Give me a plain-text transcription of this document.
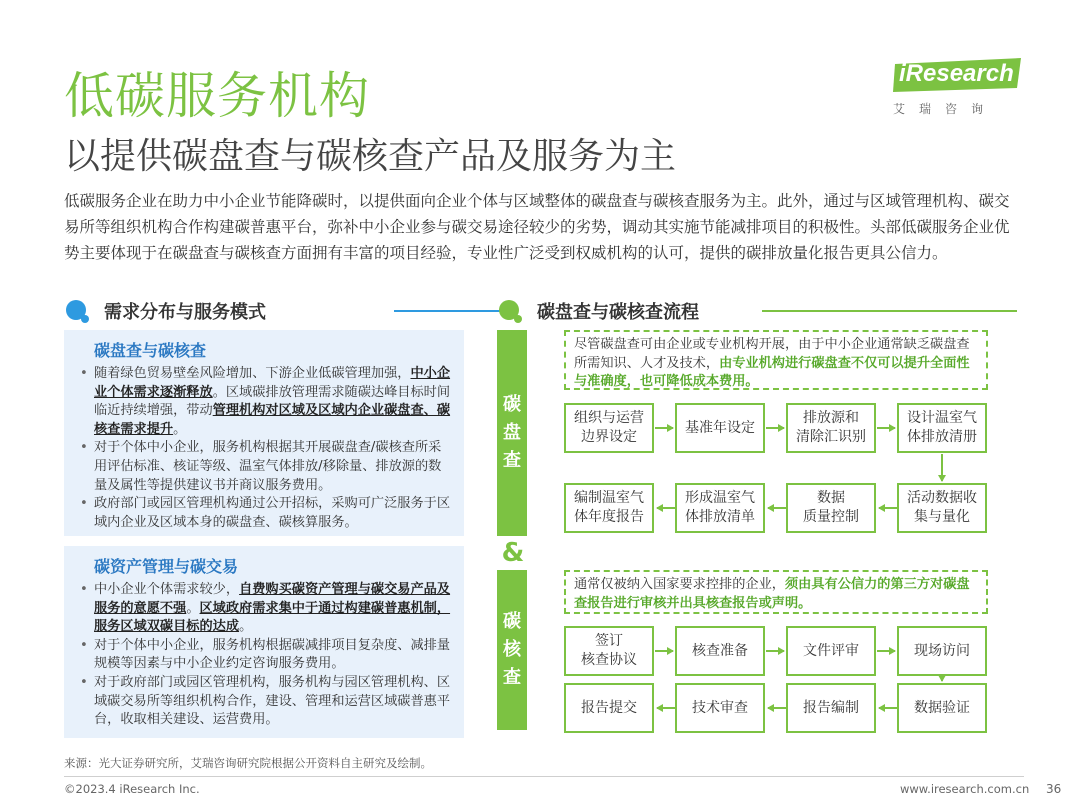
低碳服务机构
以提供碳盘查与碳核查产品及服务为主
iResearch
艾瑞咨询

低碳服务企业在助力中小企业节能降碳时，以提供面向企业个体与区域整体的碳盘查与碳核查服务为主。此外，通过与区域管理机构、碳交易所等组织机构合作构建碳普惠平台，弥补中小企业参与碳交易途径较少的劣势，调动其实施节能减排项目的积极性。头部低碳服务企业优势主要体现于在碳盘查与碳核查方面拥有丰富的项目经验，专业性广泛受到权威机构的认可，提供的碳排放量化报告更具公信力。

需求分布与服务模式
碳盘查与碳核查
• 随着绿色贸易壁垒风险增加、下游企业低碳管理加强，中小企业个体需求逐渐释放。区域碳排放管理需求随碳达峰目标时间临近持续增强，带动管理机构对区域及区域内企业碳盘查、碳核查需求提升。
• 对于个体中小企业，服务机构根据其开展碳盘查/碳核查所采用评估标准、核证等级、温室气体排放/移除量、排放源的数量及属性等提供建议书并商议服务费用。
• 政府部门或园区管理机构通过公开招标，采购可广泛服务于区域内企业及区域本身的碳盘查、碳核算服务。
碳资产管理与碳交易
• 中小企业个体需求较少，自费购买碳资产管理与碳交易产品及服务的意愿不强。区域政府需求集中于通过构建碳普惠机制，服务区域双碳目标的达成。
• 对于个体中小企业，服务机构根据碳减排项目复杂度、减排量规模等因素与中小企业约定咨询服务费用。
• 对于政府部门或园区管理机构，服务机构与园区管理机构、区域碳交易所等组织机构合作，建设、管理和运营区域碳普惠平台，收取相关建设、运营费用。
碳盘查与碳核查流程
碳
盘
查
&
碳
核
查
尽管碳盘查可由企业或专业机构开展，由于中小企业通常缺乏碳盘查所需知识、人才及技术，由专业机构进行碳盘查不仅可以提升全面性与准确度，也可降低成本费用。
组织与运营
边界设定
基准年设定
排放源和
清除汇识别
设计温室气
体排放清册
编制温室气
体年度报告
形成温室气
体排放清单
数据
质量控制
活动数据收
集与量化
通常仅被纳入国家要求控排的企业，须由具有公信力的第三方对碳盘查报告进行审核并出具核查报告或声明。
签订
核查协议
核查准备	文件评审	现场访问
报告提交	技术审查	报告编制	数据验证
来源：光大证券研究所，艾瑞咨询研究院根据公开资料自主研究及绘制。
©2023.4 iResearch Inc.	www.iresearch.com.cn 36
